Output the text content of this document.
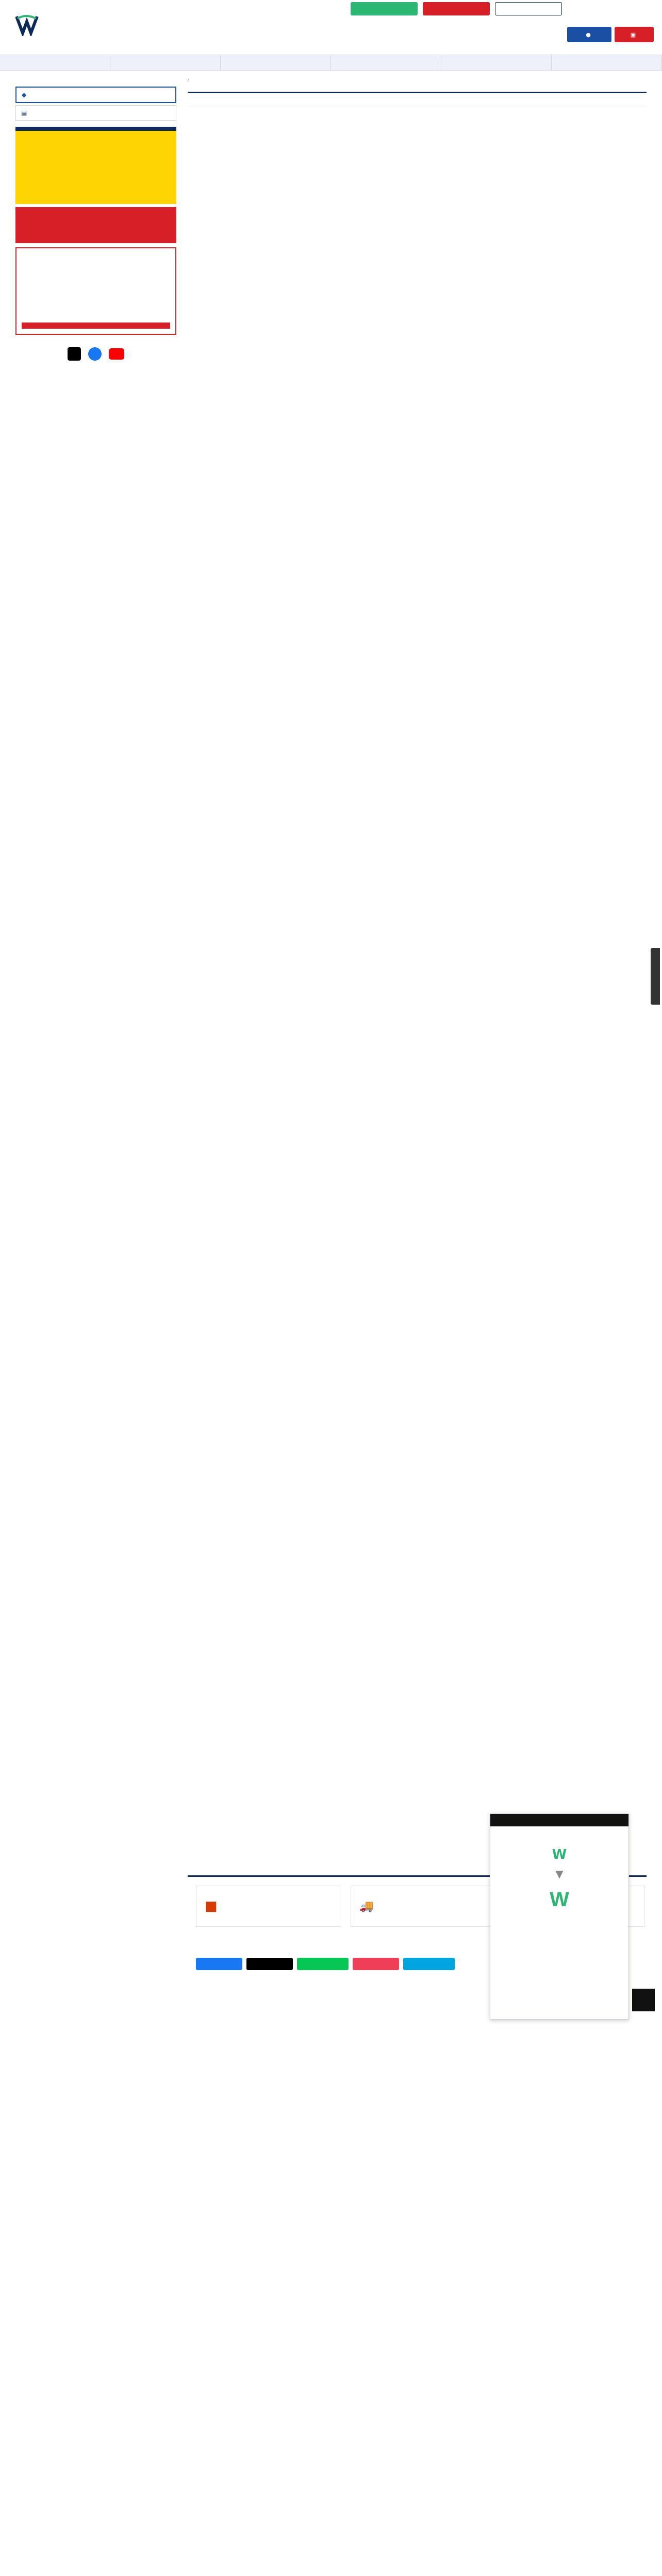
●	▣
›
◆
▤
■	🚚
W
▼
W
